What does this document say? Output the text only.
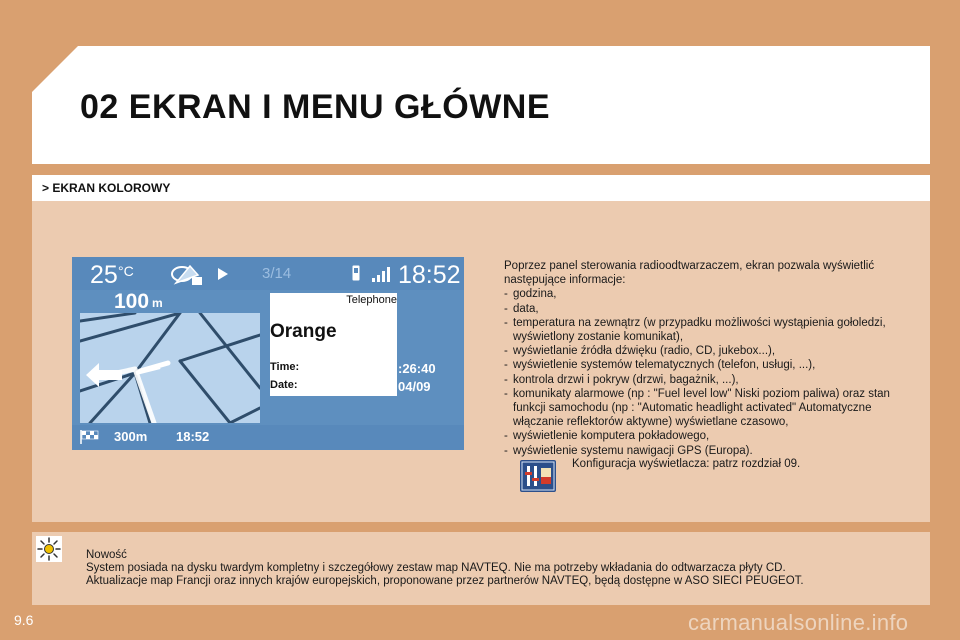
02 EKRAN I MENU GŁÓWNE
> EKRAN KOLOROWY
25 °C	3/14	18:52
100 m
300m 18:52
Telephone
Orange
Time:
Date:
:26:40
04/09

Poprzez panel sterowania radioodtwarzaczem, ekran pozwala wyświetlić następujące informacje:

- godzina,
- data,
- temperatura na zewnątrz (w przypadku możliwości wystąpienia gołoledzi, wyświetlony zostanie komunikat),
- wyświetlanie źródła dźwięku (radio, CD, jukebox...),
- wyświetlenie systemów telematycznych (telefon, usługi, ...),
- kontrola drzwi i pokryw (drzwi, bagażnik, ...),
- komunikaty alarmowe (np : "Fuel level low" Niski poziom paliwa) oraz stan funkcji samochodu (np : "Automatic headlight activated" Automatyczne włączanie reflektorów aktywne) wyświetlane czasowo,
- wyświetlenie komputera pokładowego,
- wyświetlenie systemu nawigacji GPS (Europa).
Konfiguracja wyświetlacza: patrz rozdział 09.

Nowość

System posiada na dysku twardym kompletny i szczegółowy zestaw map NAVTEQ. Nie ma potrzeby wkładania do odtwarzacza płyty CD.

Aktualizacje map Francji oraz innych krajów europejskich, proponowane przez partnerów NAVTEQ, będą dostępne w ASO SIECI PEUGEOT.

9.6	carmanualsonline.info
